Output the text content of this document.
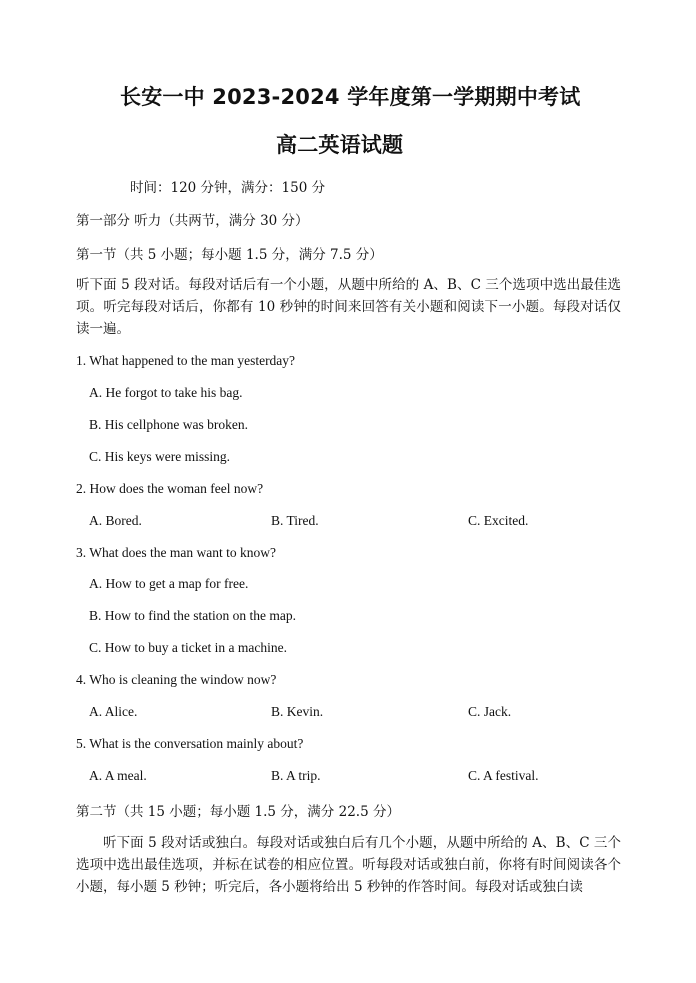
长安一中 2023-2024 学年度第一学期期中考试
高二英语试题
时间：120 分钟，满分：150 分
第一部分 听力（共两节，满分 30 分）
第一节（共 5 小题；每小题 1.5 分，满分 7.5 分）
听下面 5 段对话。每段对话后有一个小题，从题中所给的 A、B、C 三个选项中选出最佳选项。听完每段对话后，你都有 10 秒钟的时间来回答有关小题和阅读下一小题。每段对话仅读一遍。
1. What happened to the man yesterday?
A. He forgot to take his bag.
B. His cellphone was broken.
C. His keys were missing.
2. How does the woman feel now?
A. Bored.	B. Tired.	C. Excited.
3. What does the man want to know?
A. How to get a map for free.
B. How to find the station on the map.
C. How to buy a ticket in a machine.
4. Who is cleaning the window now?
A. Alice.	B. Kevin.	C. Jack.
5. What is the conversation mainly about?
A. A meal.	B. A trip.	C. A festival.
第二节（共 15 小题；每小题 1.5 分，满分 22.5 分）
听下面 5 段对话或独白。每段对话或独白后有几个小题，从题中所给的 A、B、C 三个选项中选出最佳选项，并标在试卷的相应位置。听每段对话或独白前，你将有时间阅读各个小题，每小题 5 秒钟；听完后，各小题将给出 5 秒钟的作答时间。每段对话或独白读
